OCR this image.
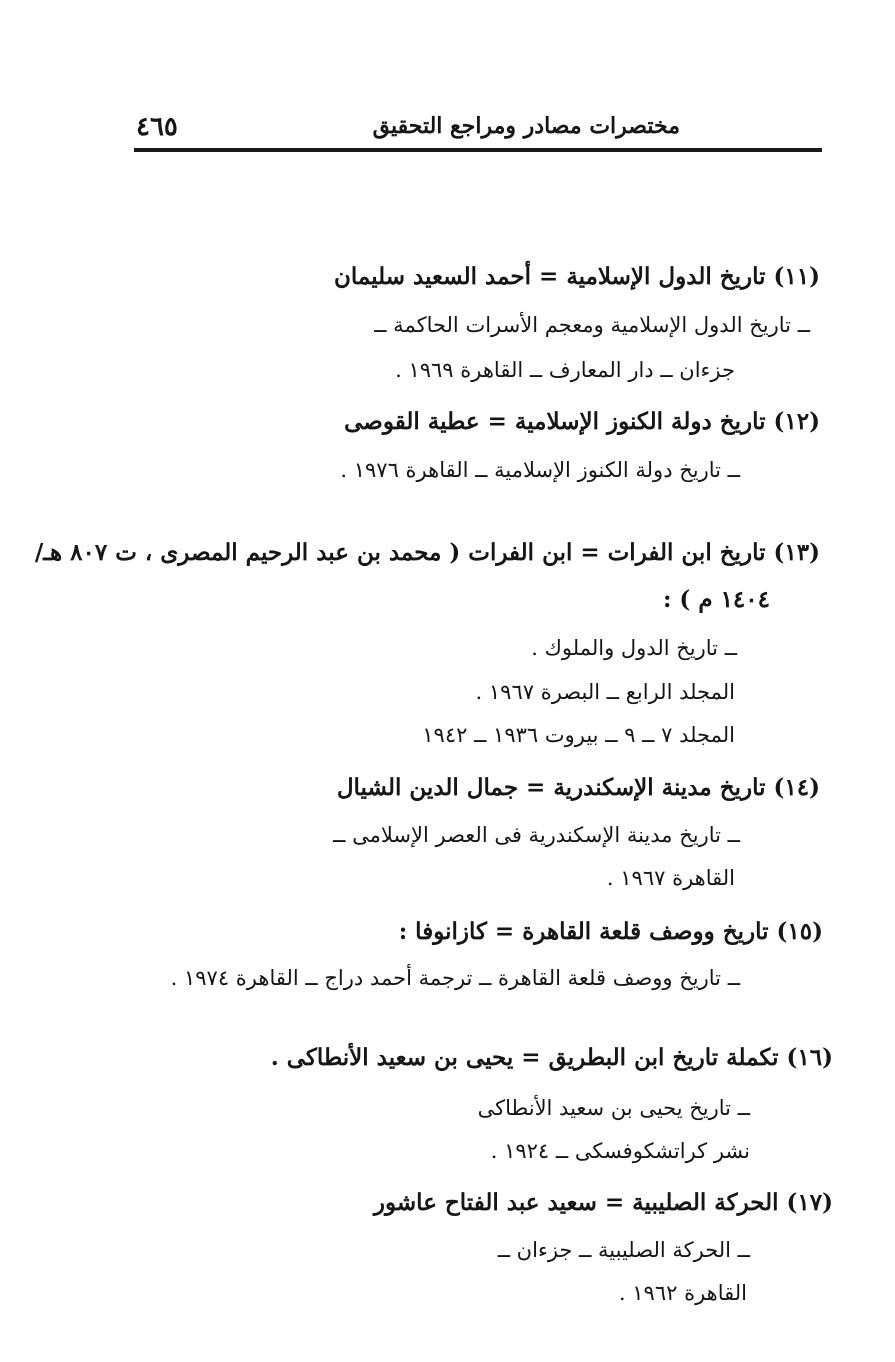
٤٦٥	مختصرات مصادر ومراجع التحقيق
(١١) تاريخ الدول الإسلامية = أحمد السعيد سليمان
ــ تاريخ الدول الإسلامية ومعجم الأسرات الحاكمة ــ
جزءان ــ دار المعارف ــ القاهرة ١٩٦٩ .
(١٢) تاريخ دولة الكنوز الإسلامية = عطية القوصى
ــ تاريخ دولة الكنوز الإسلامية ــ القاهرة ١٩٧٦ .
(١٣) تاريخ ابن الفرات = ابن الفرات ( محمد بن عبد الرحيم المصرى ، ت ٨٠٧ هـ/
١٤٠٤ م ) :
ــ تاريخ الدول والملوك .
المجلد الرابع ــ البصرة ١٩٦٧ .
المجلد ٧ ــ ٩ ــ بيروت ١٩٣٦ ــ ١٩٤٢
(١٤) تاريخ مدينة الإسكندرية = جمال الدين الشيال
ــ تاريخ مدينة الإسكندرية فى العصر الإسلامى ــ
القاهرة ١٩٦٧ .
(١٥) تاريخ ووصف قلعة القاهرة = كازانوفا :
ــ تاريخ ووصف قلعة القاهرة ــ ترجمة أحمد دراج ــ القاهرة ١٩٧٤ .
(١٦) تكملة تاريخ ابن البطريق = يحيى بن سعيد الأنطاكى .
ــ تاريخ يحيى بن سعيد الأنطاكى
نشر كراتشكوفسكى ــ ١٩٢٤ .
(١٧) الحركة الصليبية = سعيد عبد الفتاح عاشور
ــ الحركة الصليبية ــ جزءان ــ
القاهرة ١٩٦٢ .
